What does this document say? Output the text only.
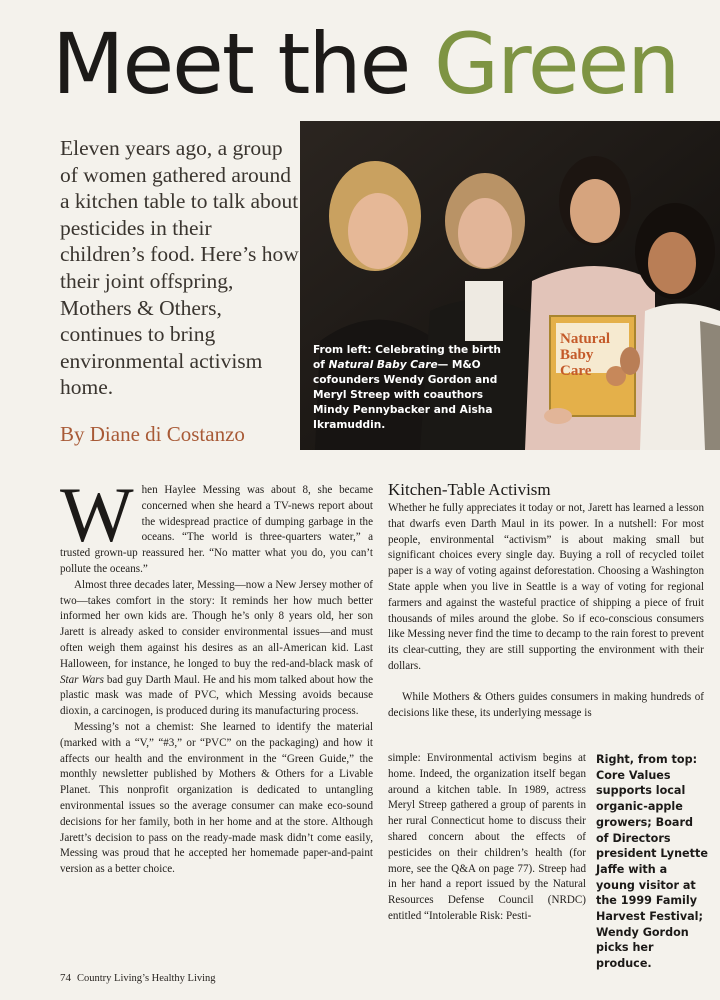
Meet the Green
Eleven years ago, a group of women gathered around a kitchen table to talk about pesticides in their children’s food. Here’s how their joint offspring, Mothers & Others, continues to bring environmental activism home.
By Diane di Costanzo
Natural
Baby
Care
From left: Celebrating the birth of Natural Baby Care— M&O cofounders Wendy Gordon and Meryl Streep with coauthors Mindy Pennybacker and Aisha Ikramuddin.

When Haylee Messing was about 8, she became concerned when she heard a TV-news report about the widespread practice of dumping garbage in the oceans. “The world is three-quarters water,” a trusted grown-up reassured her. “No matter what you do, you can’t pollute the oceans.”

Almost three decades later, Messing—now a New Jersey mother of two—takes comfort in the story: It reminds her how much better informed her own kids are. Though he’s only 8 years old, her son Jarett is already asked to consider environmental issues—and must often weigh them against his desires as an all-American kid. Last Halloween, for instance, he longed to buy the red-and-black mask of Star Wars bad guy Darth Maul. He and his mom talked about how the plastic mask was made of PVC, which Messing avoids because dioxin, a carcinogen, is produced during its manufacturing process.

Messing’s not a chemist: She learned to identify the material (marked with a “V,” “#3,” or “PVC” on the packaging) and how it affects our health and the environment in the “Green Guide,” the monthly newsletter published by Mothers & Others for a Livable Planet. This nonprofit organization is dedicated to untangling environmental issues so the average consumer can make eco-sound decisions for her family, both in her home and at the store. Although Jarett’s decision to pass on the ready-made mask didn’t come easily, Messing was proud that he accepted her homemade paper-and-paint version as a better choice.

Kitchen-Table Activism

Whether he fully appreciates it today or not, Jarett has learned a lesson that dwarfs even Darth Maul in its power. In a nutshell: For most people, environmental “activism” is about making small but significant choices every single day. Buying a roll of recycled toilet paper is a way of voting against deforestation. Choosing a Washington State apple when you live in Seattle is a way of voting for regional farmers and against the wasteful practice of shipping a piece of fruit thousands of miles around the globe. So if eco-conscious consumers like Messing never find the time to decamp to the rain forest to prevent its clear-cutting, they are still supporting the environment with their dollars.

While Mothers & Others guides consumers in making hundreds of decisions like these, its underlying message is

simple: Environmental activism begins at home. Indeed, the organization itself began around a kitchen table. In 1989, actress Meryl Streep gathered a group of parents in her rural Connecticut home to discuss their shared concern about the effects of pesticides on their children’s health (for more, see the Q&A on page 77). Streep had in her hand a report issued by the Natural Resources Defense Council (NRDC) entitled “Intolerable Risk: Pesti-

Right, from top: Core Values supports local organic-apple growers; Board of Directors president Lynette Jaffe with a young visitor at the 1999 Family Harvest Festival; Wendy Gordon picks her produce.
74 Country Living’s Healthy Living
